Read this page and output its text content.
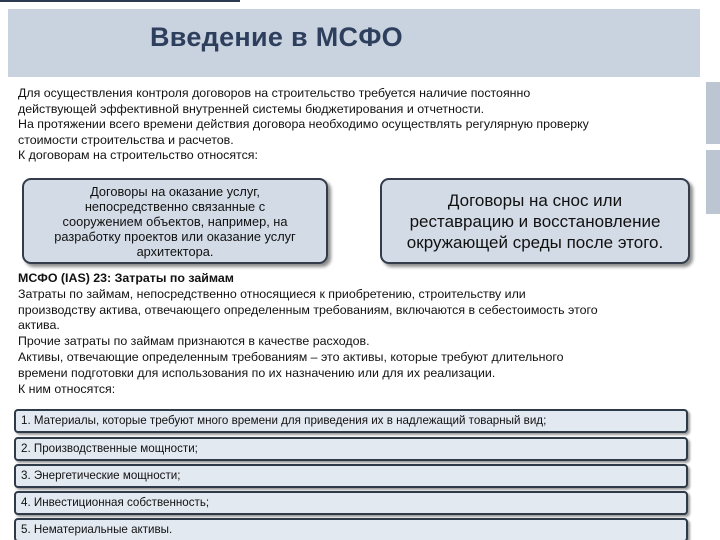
Введение в МСФО
Для осуществления контроля договоров на строительство требуется наличие постоянно
действующей эффективной внутренней системы бюджетирования и отчетности.
На протяжении всего времени действия договора необходимо осуществлять регулярную проверку
стоимости строительства и расчетов.
К договорам на строительство относятся:
Договоры на оказание услуг,
непосредственно связанные с
сооружением объектов, например, на
разработку проектов или оказание услуг
архитектора.
Договоры на снос или
реставрацию и восстановление
окружающей среды после этого.
МСФО (IAS) 23: Затраты по займам
Затраты по займам, непосредственно относящиеся к приобретению, строительству или
производству актива, отвечающего определенным требованиям, включаются в себестоимость этого
актива.
Прочие затраты по займам признаются в качестве расходов.
Активы, отвечающие определенным требованиям – это активы, которые требуют длительного
времени подготовки для использования по их назначению или для их реализации.
К ним относятся:
1. Материалы, которые требуют много времени для приведения их в надлежащий товарный вид;
2. Производственные мощности;
3. Энергетические мощности;
4. Инвестиционная собственность;
5. Нематериальные активы.
